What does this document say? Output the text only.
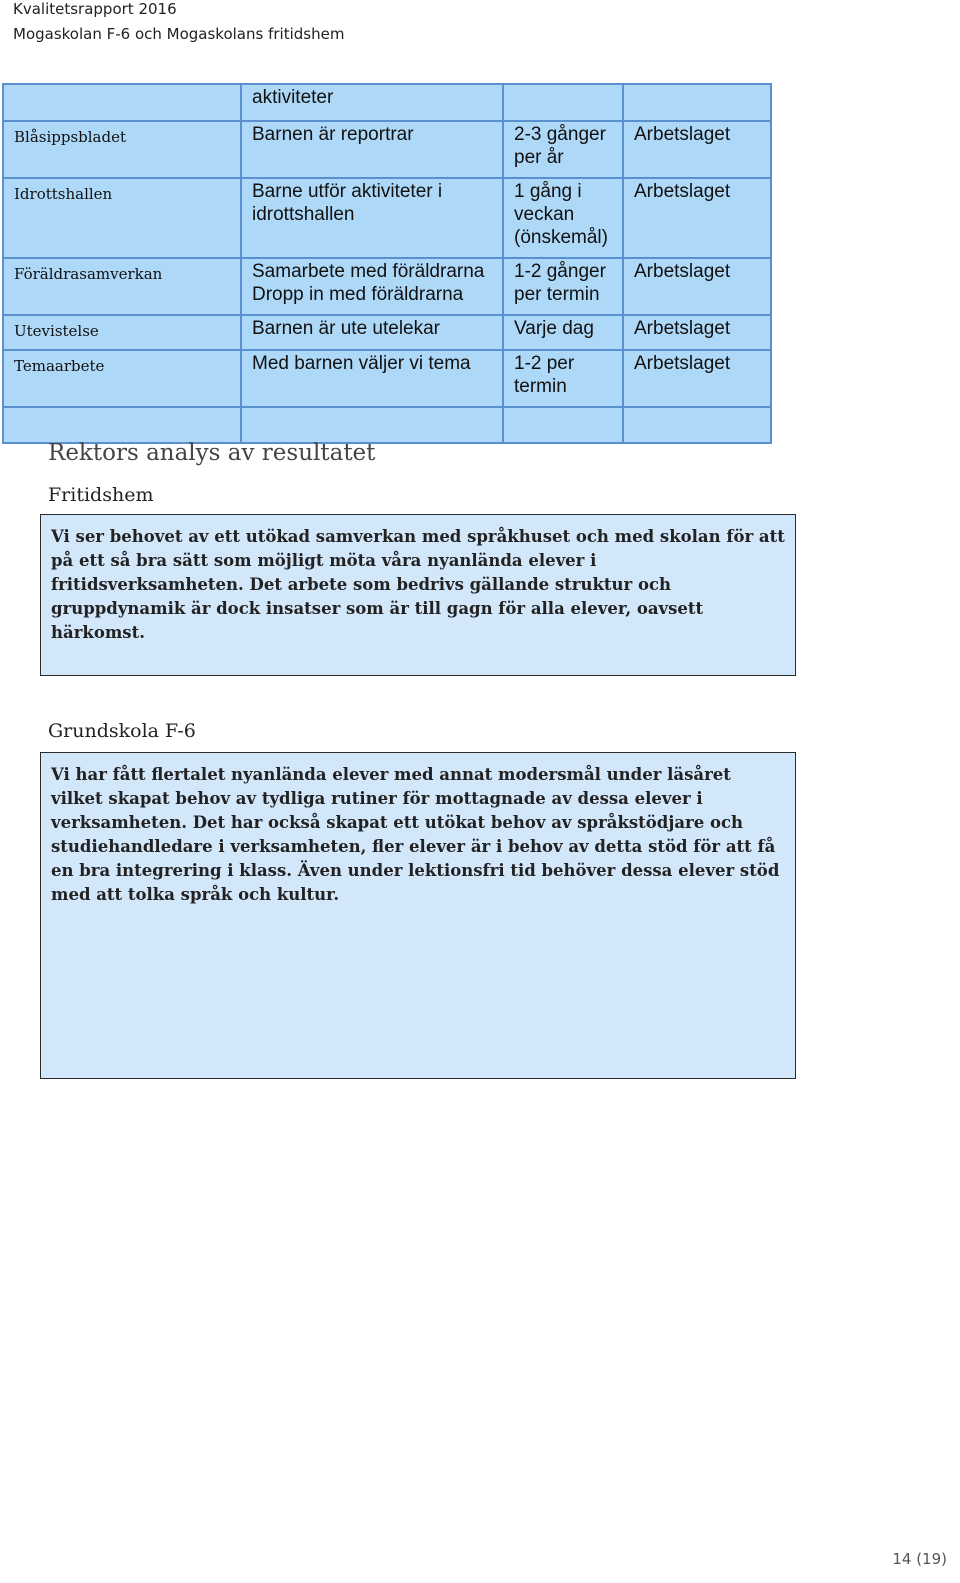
Kvalitetsrapport 2016
Mogaskolan F-6 och Mogaskolans fritidshem
	aktiviteter		
Blåsippsbladet	Barnen är reportrar	2-3 gånger per år	Arbetslaget
Idrottshallen	Barne utför aktiviteter i idrottshallen	1 gång i veckan (önskemål)	Arbetslaget
Föräldrasamverkan	Samarbete med föräldrarna Dropp in med föräldrarna	1-2 gånger per termin	Arbetslaget
Utevistelse	Barnen är ute utelekar	Varje dag	Arbetslaget
Temaarbete	Med barnen väljer vi tema	1-2 per termin	Arbetslaget

Rektors analys av resultatet
Fritidshem

Vi ser behovet av ett utökad samverkan med språkhuset och med skolan för att på ett så bra sätt som möjligt möta våra nyanlända elever i fritidsverksamheten. Det arbete som bedrivs gällande struktur och gruppdynamik är dock insatser som är till gagn för alla elever, oavsett härkomst.

Grundskola F-6

Vi har fått flertalet nyanlända elever med annat modersmål under läsåret vilket skapat behov av tydliga rutiner för mottagnade av dessa elever i verksamheten. Det har också skapat ett utökat behov av språkstödjare och studiehandledare i verksamheten, fler elever är i behov av detta stöd för att få en bra integrering i klass. Även under lektionsfri tid behöver dessa elever stöd med att tolka språk och kultur.

14 (19)
